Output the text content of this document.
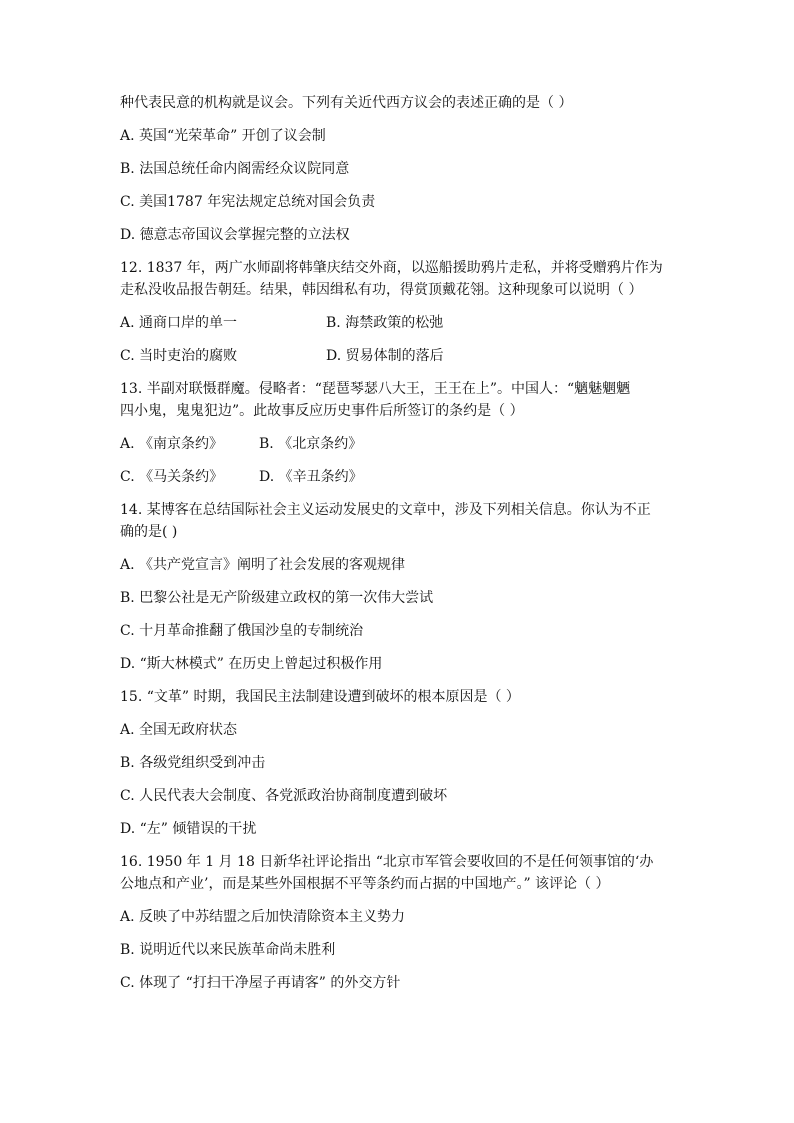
种代表民意的机构就是议会。下列有关近代西方议会的表述正确的是（ ）

A. 英国“光荣革命” 开创了议会制

B. 法国总统任命内阁需经众议院同意

C. 美国1787 年宪法规定总统对国会负责

D. 德意志帝国议会掌握完整的立法权

12. 1837 年，两广水师副将韩肇庆结交外商，以巡船援助鸦片走私，并将受赠鸦片作为

走私没收品报告朝廷。结果，韩因缉私有功，得赏顶戴花翎。这种现象可以说明（ ）

A. 通商口岸的单一	B. 海禁政策的松弛
C. 当时吏治的腐败	D. 贸易体制的落后

13. 半副对联慑群魔。侵略者：“琵琶琴瑟八大王，王王在上”。中国人：“魑魅魍魉

四小鬼，鬼鬼犯边”。此故事反应历史事件后所签订的条约是（ ）

A. 《南京条约》	B. 《北京条约》
C. 《马关条约》	D. 《辛丑条约》

14. 某博客在总结国际社会主义运动发展史的文章中，涉及下列相关信息。你认为不正

确的是( )

A. 《共产党宣言》阐明了社会发展的客观规律

B. 巴黎公社是无产阶级建立政权的第一次伟大尝试

C. 十月革命推翻了俄国沙皇的专制统治

D. “斯大林模式” 在历史上曾起过积极作用

15. “文革” 时期，我国民主法制建设遭到破坏的根本原因是（ ）

A. 全国无政府状态

B. 各级党组织受到冲击

C. 人民代表大会制度、各党派政治协商制度遭到破坏

D. “左” 倾错误的干扰

16. 1950 年 1 月 18 日新华社评论指出 “北京市军管会要收回的不是任何领事馆的‘办

公地点和产业’，而是某些外国根据不平等条约而占据的中国地产。” 该评论（ ）

A. 反映了中苏结盟之后加快清除资本主义势力

B. 说明近代以来民族革命尚未胜利

C. 体现了 “打扫干净屋子再请客” 的外交方针
